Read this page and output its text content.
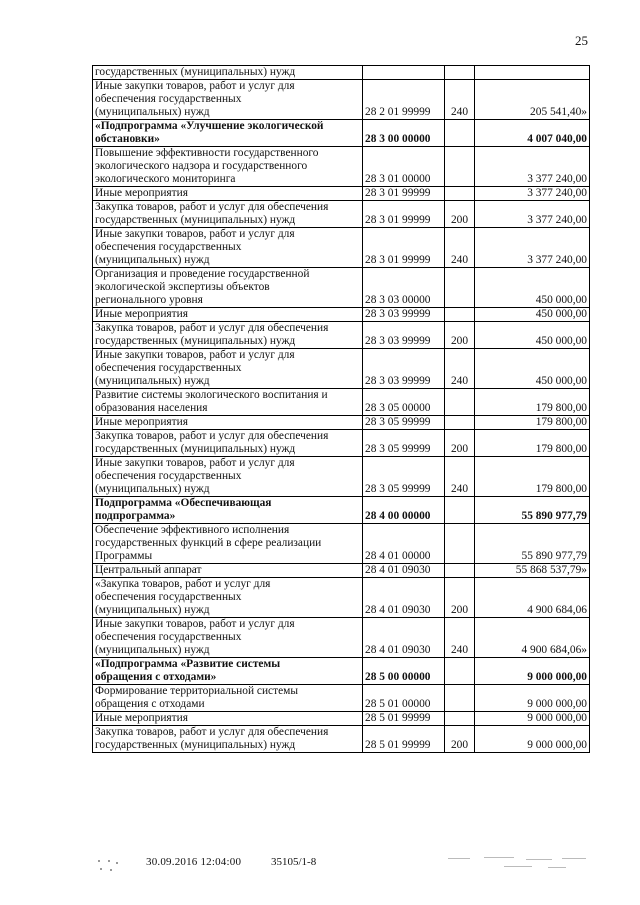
25
государственных (муниципальных) нужд			
Иные закупки товаров, работ и услуг для
обеспечения государственных
(муниципальных) нужд	28 2 01 99999	240	205 541,40»
«Подпрограмма «Улучшение экологической
обстановки»	28 3 00 00000		4 007 040,00
Повышение эффективности государственного
экологического надзора и государственного
экологического мониторинга	28 3 01 00000		3 377 240,00
Иные мероприятия	28 3 01 99999		3 377 240,00
Закупка товаров, работ и услуг для обеспечения
государственных (муниципальных) нужд	28 3 01 99999	200	3 377 240,00
Иные закупки товаров, работ и услуг для
обеспечения государственных
(муниципальных) нужд	28 3 01 99999	240	3 377 240,00
Организация и проведение государственной
экологической экспертизы объектов
регионального уровня	28 3 03 00000		450 000,00
Иные мероприятия	28 3 03 99999		450 000,00
Закупка товаров, работ и услуг для обеспечения
государственных (муниципальных) нужд	28 3 03 99999	200	450 000,00
Иные закупки товаров, работ и услуг для
обеспечения государственных
(муниципальных) нужд	28 3 03 99999	240	450 000,00
Развитие системы экологического воспитания и
образования населения	28 3 05 00000		179 800,00
Иные мероприятия	28 3 05 99999		179 800,00
Закупка товаров, работ и услуг для обеспечения
государственных (муниципальных) нужд	28 3 05 99999	200	179 800,00
Иные закупки товаров, работ и услуг для
обеспечения государственных
(муниципальных) нужд	28 3 05 99999	240	179 800,00
Подпрограмма «Обеспечивающая
подпрограмма»	28 4 00 00000		55 890 977,79
Обеспечение эффективного исполнения
государственных функций в сфере реализации
Программы	28 4 01 00000		55 890 977,79
Центральный аппарат	28 4 01 09030		55 868 537,79»
«Закупка товаров, работ и услуг для
обеспечения государственных
(муниципальных) нужд	28 4 01 09030	200	4 900 684,06
Иные закупки товаров, работ и услуг для
обеспечения государственных
(муниципальных) нужд	28 4 01 09030	240	4 900 684,06»
«Подпрограмма «Развитие системы
обращения с отходами»	28 5 00 00000		9 000 000,00
Формирование территориальной системы
обращения с отходами	28 5 01 00000		9 000 000,00
Иные мероприятия	28 5 01 99999		9 000 000,00
Закупка товаров, работ и услуг для обеспечения
государственных (муниципальных) нужд	28 5 01 99999	200	9 000 000,00
30.09.2016 12:04:00	35105/1-8
